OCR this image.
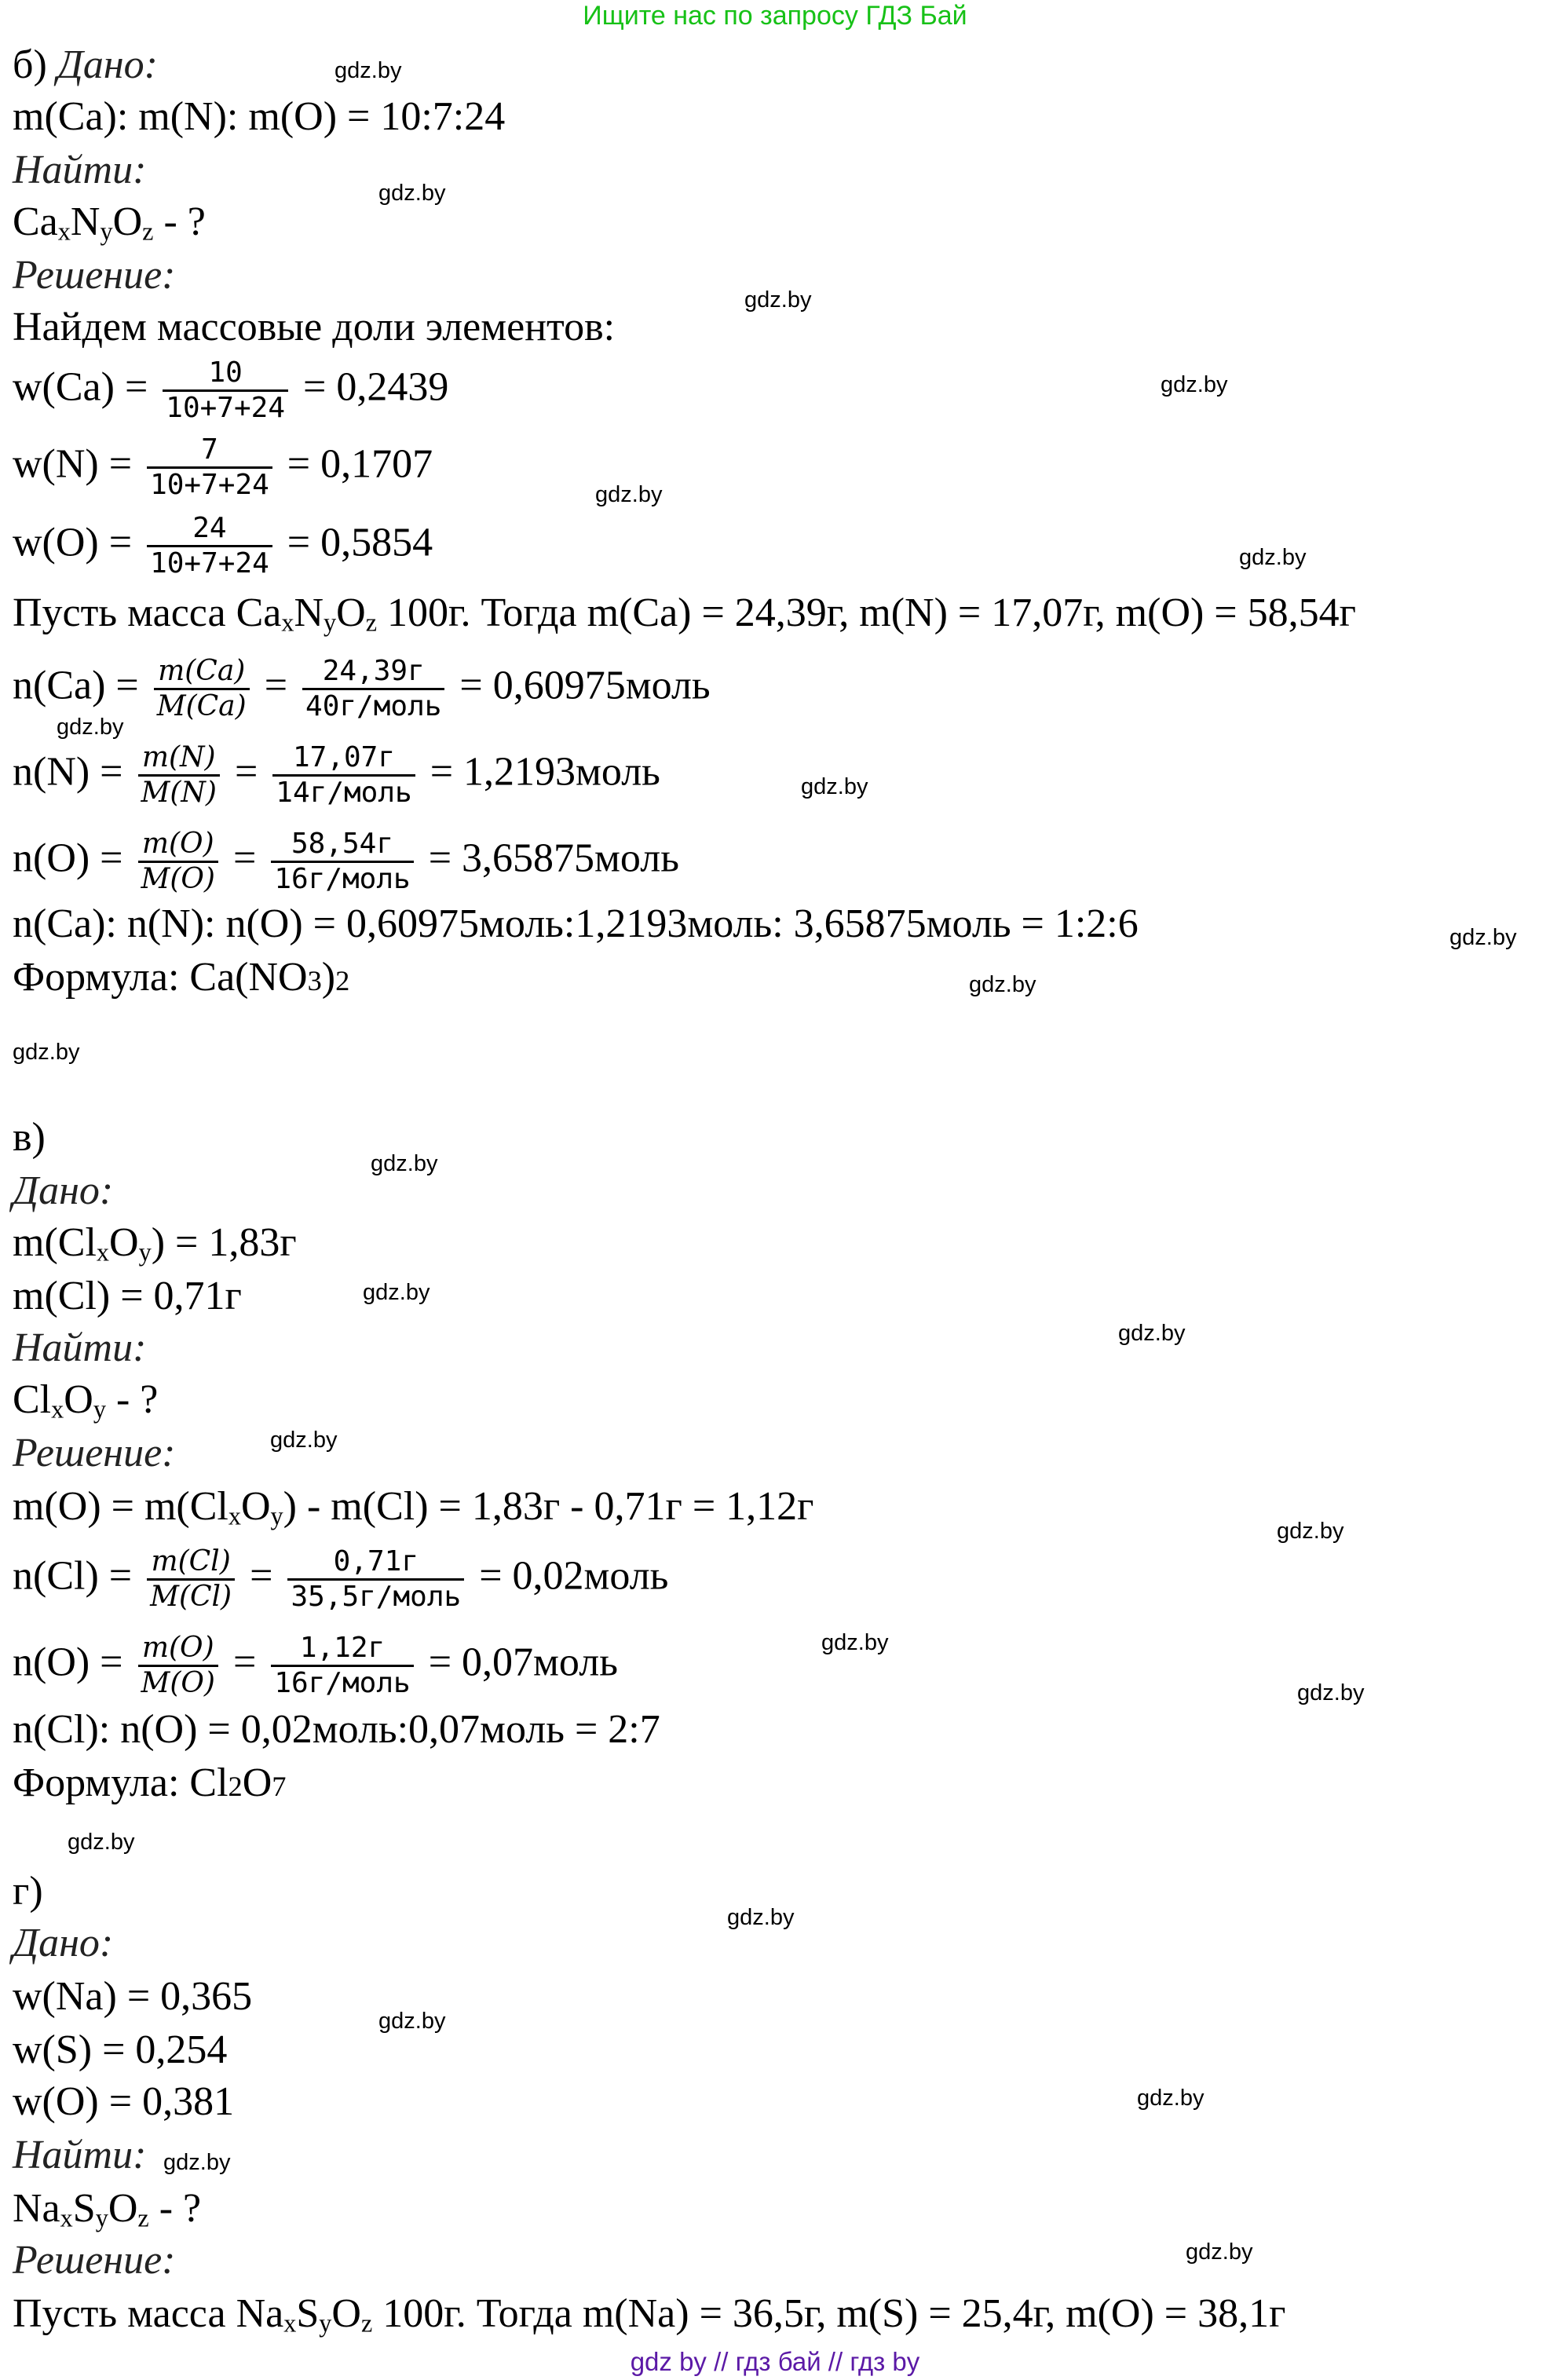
Ищите нас по запросу ГДЗ Бай
б) Дано:
m(Ca): m(N): m(O) = 10:7:24
Найти:
$Ca_xN_yO_z$ - ?
Решение:
Найдем массовые доли элементов:
$w(Ca) = \frac{10}{10+7+24} = 0,2439$
$w(N) = \frac{7}{10+7+24} = 0,1707$
$w(O) = \frac{24}{10+7+24} = 0,5854$
Пусть масса $Ca_xN_yO_z$ 100г. Тогда m(Ca) = 24,39г, m(N) = 17,07г, m(O) = 58,54г
$n(Ca) = \frac{m(Ca)}{M(Ca)} = \frac{24,39г}{\text{40г/моль}}$ = 0,60975моль
$n(N) = \frac{m(N)}{M(N)} = \frac{17,07г}{\text{14г/моль}}$ = 1,2193моль
$n(O) = \frac{m(O)}{M(O)} = \frac{58,54г}{\text{16г/моль}}$ = 3,65875моль
n(Ca): n(N): n(O) = 0,60975моль:1,2193моль: 3,65875моль = 1:2:6
Формула: Ca(NO3)2
в)
Дано:
$m(Cl_xO_y) = 1,83г$
m(Cl) = 0,71г
Найти:
$Cl_xO_y$ - ?
Решение:
$m(O) = m(Cl_xO_y) - m(Cl) = 1,83г - 0,71г = 1,12г$
$n(Cl) = \frac{m(Cl)}{M(Cl)} = \frac{0,71г}{\text{35,5г/моль}}$ = 0,02моль
$n(O) = \frac{m(O)}{M(O)} = \frac{1,12г}{\text{16г/моль}}$ = 0,07моль
n(Cl): n(O) = 0,02моль:0,07моль = 2:7
Формула: Cl2O7
г)
Дано:
w(Na) = 0,365
w(S) = 0,254
w(O) = 0,381
Найти:
$Na_xS_yO_z$ - ?
Решение:
Пусть масса $Na_xS_yO_z$ 100г. Тогда m(Na) = 36,5г, m(S) = 25,4г, m(O) = 38,1г
gdz.by
gdz.by
gdz.by
gdz.by
gdz.by
gdz.by
gdz.by
gdz.by
gdz.by
gdz.by
gdz.by
gdz.by
gdz.by
gdz.by
gdz.by
gdz.by
gdz.by
gdz.by
gdz.by
gdz.by
gdz.by
gdz.by
gdz.by
gdz.by
gdz by // гдз бай // гдз by
